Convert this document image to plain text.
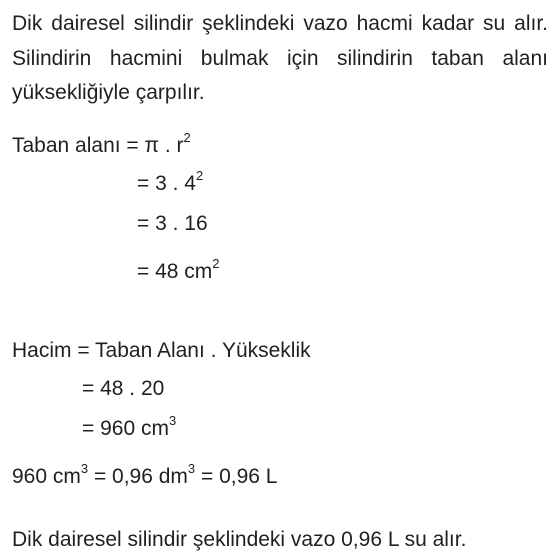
Dik dairesel silindir şeklindeki vazo hacmi kadar su alır. Silindirin hacmini bulmak için silindirin taban alanı yüksekliğiyle çarpılır.
Taban alanı = π . $r^2$
= 3 . $4^2$
= 3 . 16
= 48 $cm^2$
Hacim = Taban Alanı . Yükseklik
= 48 . 20
= 960 $cm^3$
960 $cm^3 = 0,96$ $dm^3 = 0,96$ L
Dik dairesel silindir şeklindeki vazo 0,96 L su alır.
